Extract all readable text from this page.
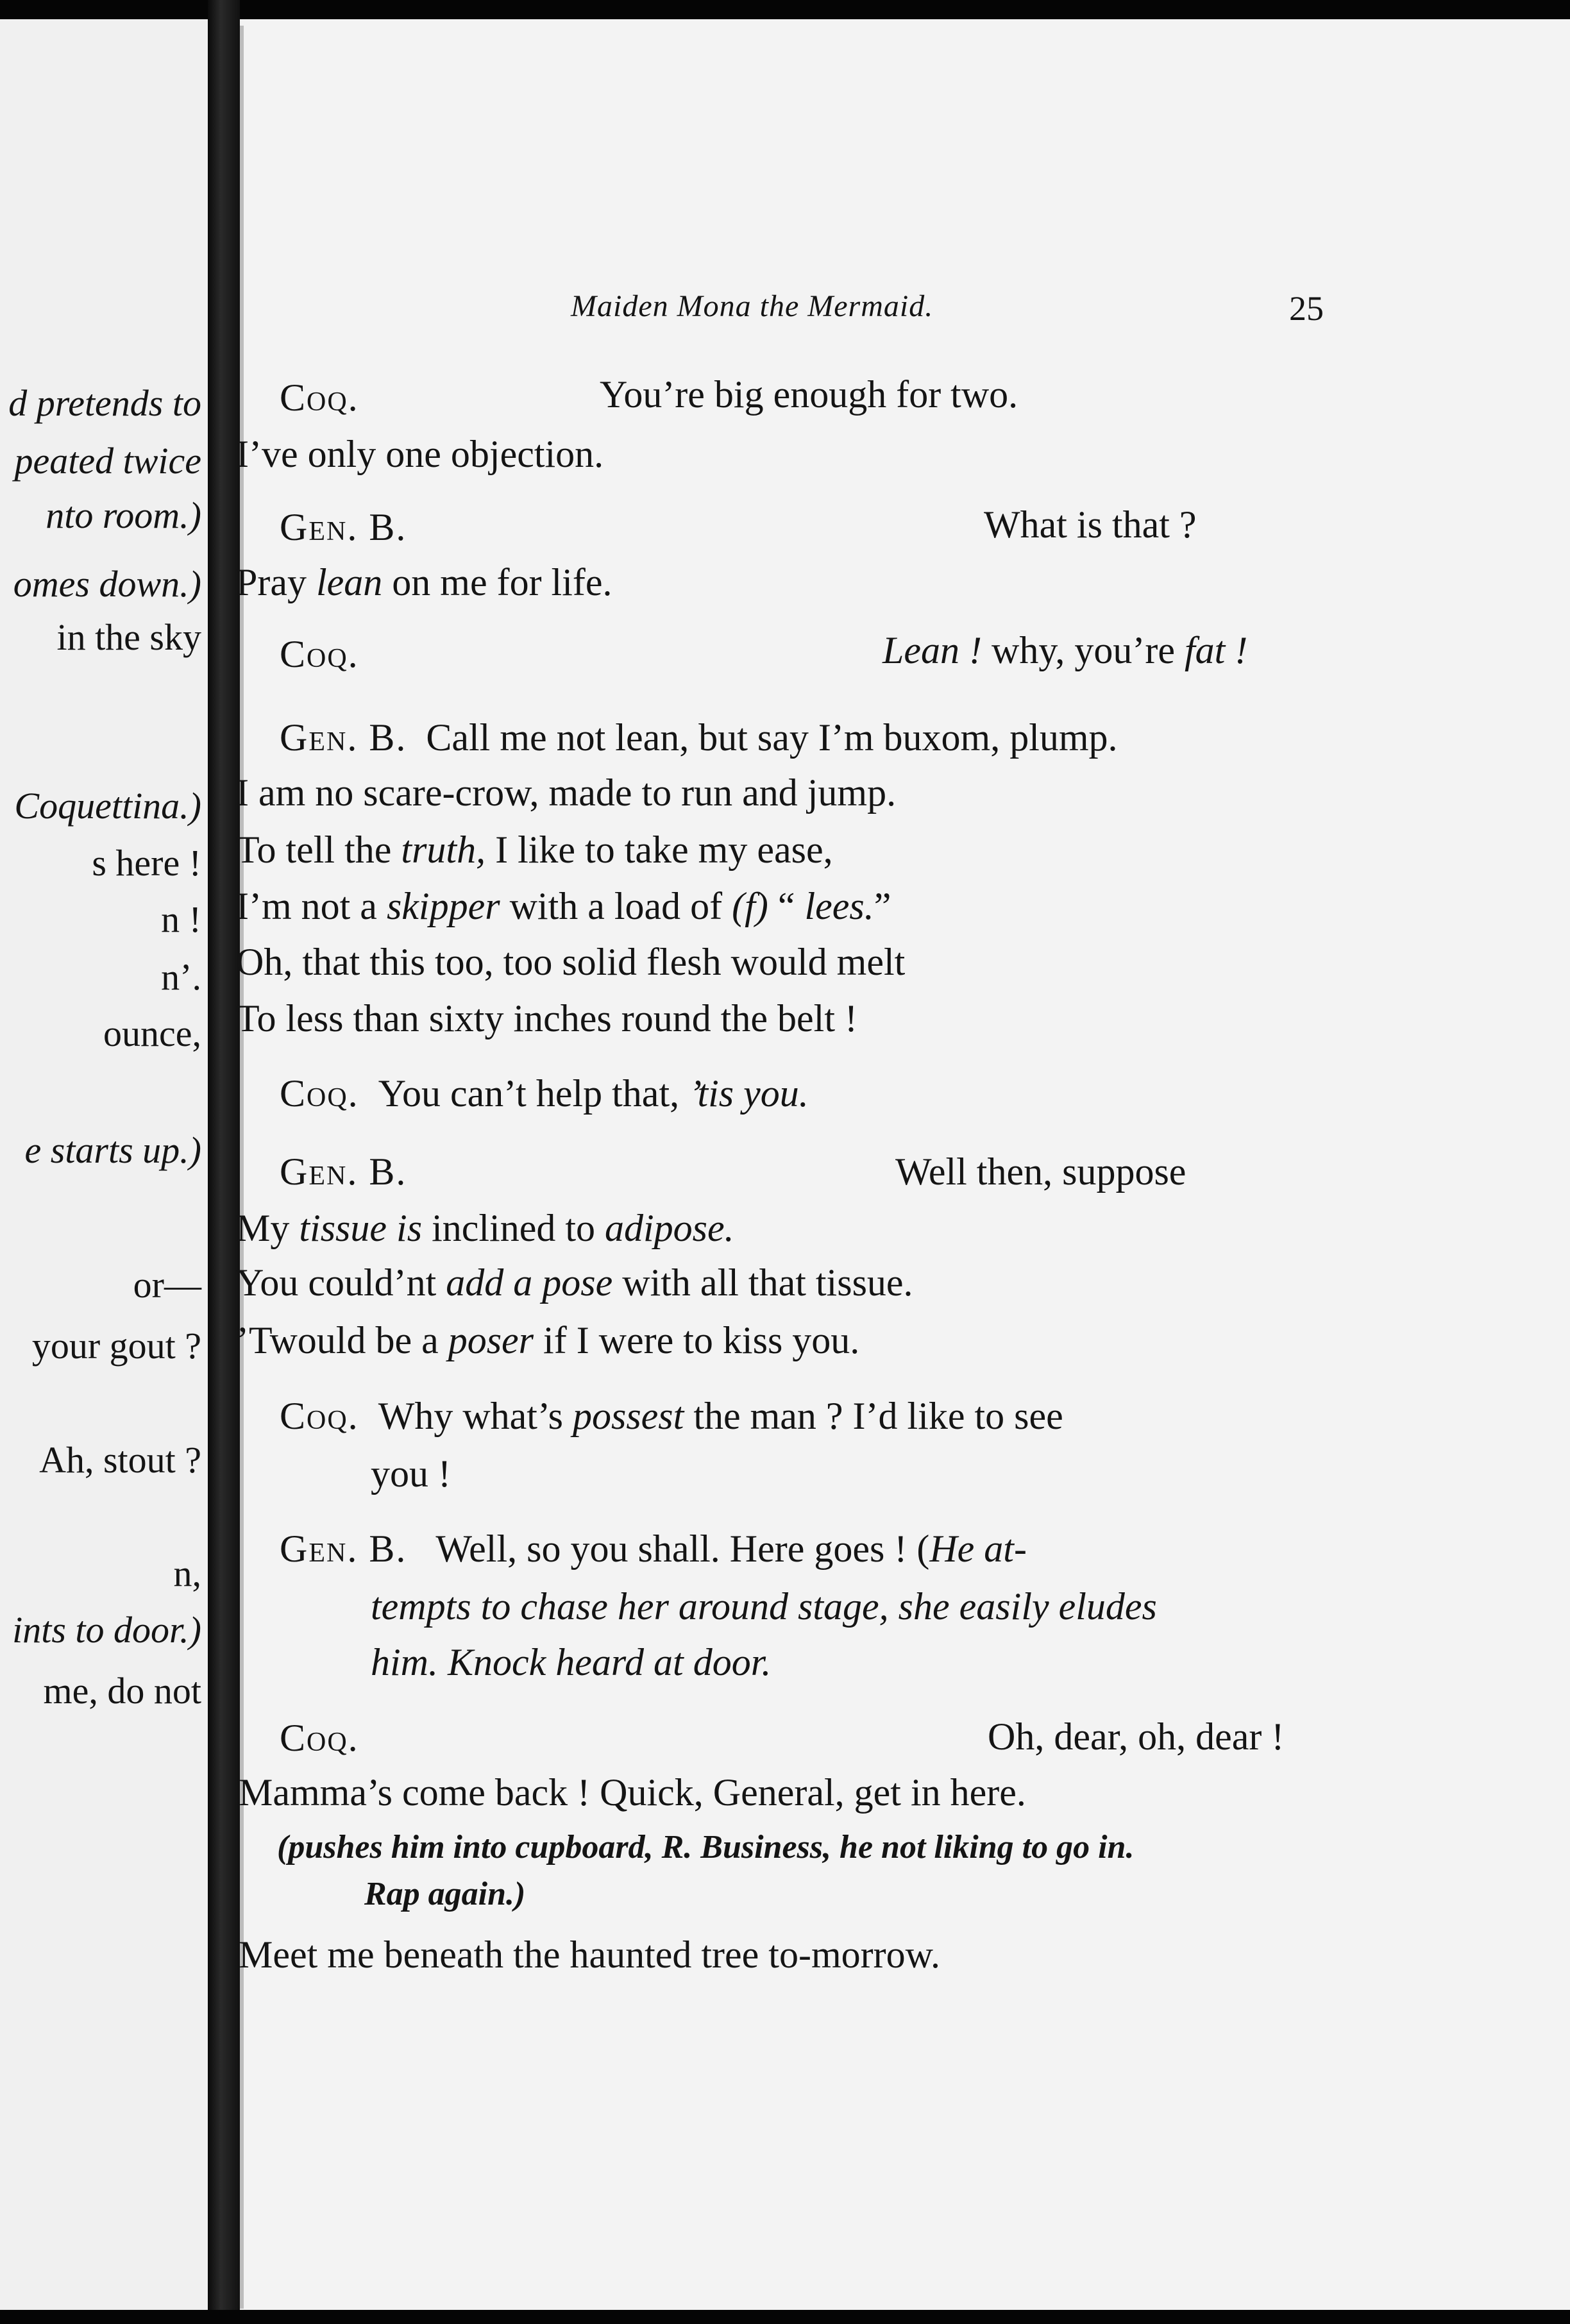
d pretends to
peated twice
nto room.)
omes down.)
in the sky
Coquettina.)
s here !
n !
n’.
ounce,
e starts up.)
or—
your gout ?
Ah, stout ?
n,
ints to door.)
me, do not
Maiden Mona the Mermaid.	25
Coq.	You’re big enough for two.
I’ve only one objection.
Gen. B.	What is that ?
Pray lean on me for life.
Coq.	Lean ! why, you’re fat !
Gen. B. Call me not lean, but say I’m buxom, plump.
I am no scare-crow, made to run and jump.
To tell the truth, I like to take my ease,
I’m not a skipper with a load of (f) “ lees.”
Oh, that this too, too solid flesh would melt
To less than sixty inches round the belt !
Coq. You can’t help that, ’tis you.
Gen. B.	Well then, suppose
My tissue is inclined to adipose.
You could’nt add a pose with all that tissue.
’Twould be a poser if I were to kiss you.
Coq. Why what’s possest the man ? I’d like to see
you !
Gen. B. Well, so you shall. Here goes ! (He at-
tempts to chase her around stage, she easily eludes
him. Knock heard at door.
Coq.	Oh, dear, oh, dear !
Mamma’s come back ! Quick, General, get in here.
(pushes him into cupboard, R. Business, he not liking to go in.
Rap again.)
Meet me beneath the haunted tree to-morrow.
